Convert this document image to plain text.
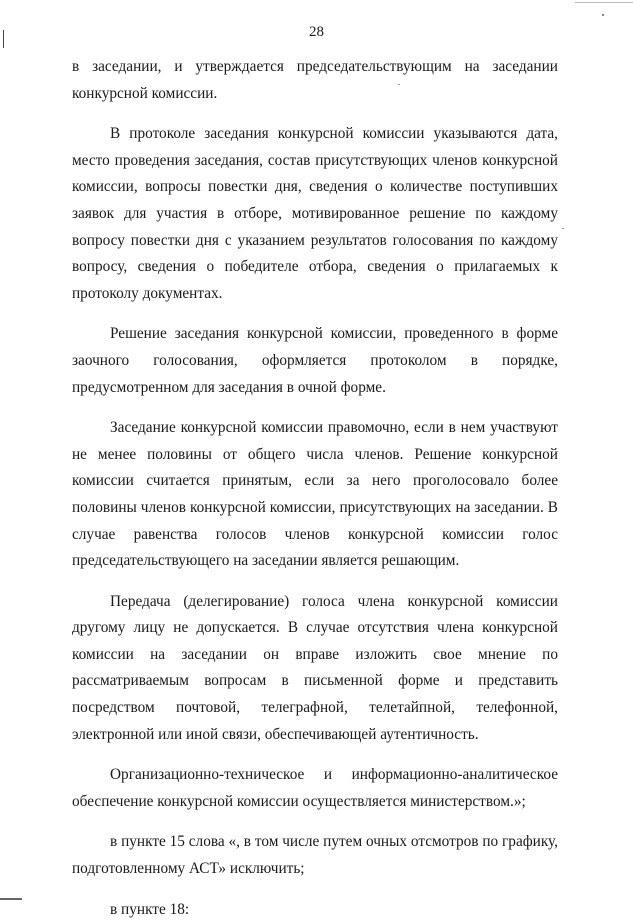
28

в заседании, и утверждается председательствующим на заседании конкурсной комиссии.

В протоколе заседания конкурсной комиссии указываются дата, место проведения заседания, состав присутствующих членов конкурсной комиссии, вопросы повестки дня, сведения о количестве поступивших заявок для участия в отборе, мотивированное решение по каждому вопросу повестки дня с указанием результатов голосования по каждому вопросу, сведения о победителе отбора, сведения о прилагаемых к протоколу документах.

Решение заседания конкурсной комиссии, проведенного в форме заочного голосования, оформляется протоколом в порядке, предусмотренном для заседания в очной форме.

Заседание конкурсной комиссии правомочно, если в нем участвуют не менее половины от общего числа членов. Решение конкурсной комиссии считается принятым, если за него проголосовало более половины членов конкурсной комиссии, присутствующих на заседании. В случае равенства голосов членов конкурсной комиссии голос председательствующего на заседании является решающим.

Передача (делегирование) голоса члена конкурсной комиссии другому лицу не допускается. В случае отсутствия члена конкурсной комиссии на заседании он вправе изложить свое мнение по рассматриваемым вопросам в письменной форме и представить посредством почтовой, телеграфной, телетайпной, телефонной, электронной или иной связи, обеспечивающей аутентичность.

Организационно-техническое и информационно-аналитическое обеспечение конкурсной комиссии осуществляется министерством.»;

в пункте 15 слова «, в том числе путем очных отсмотров по графику, подготовленному АСТ» исключить;

в пункте 18:
